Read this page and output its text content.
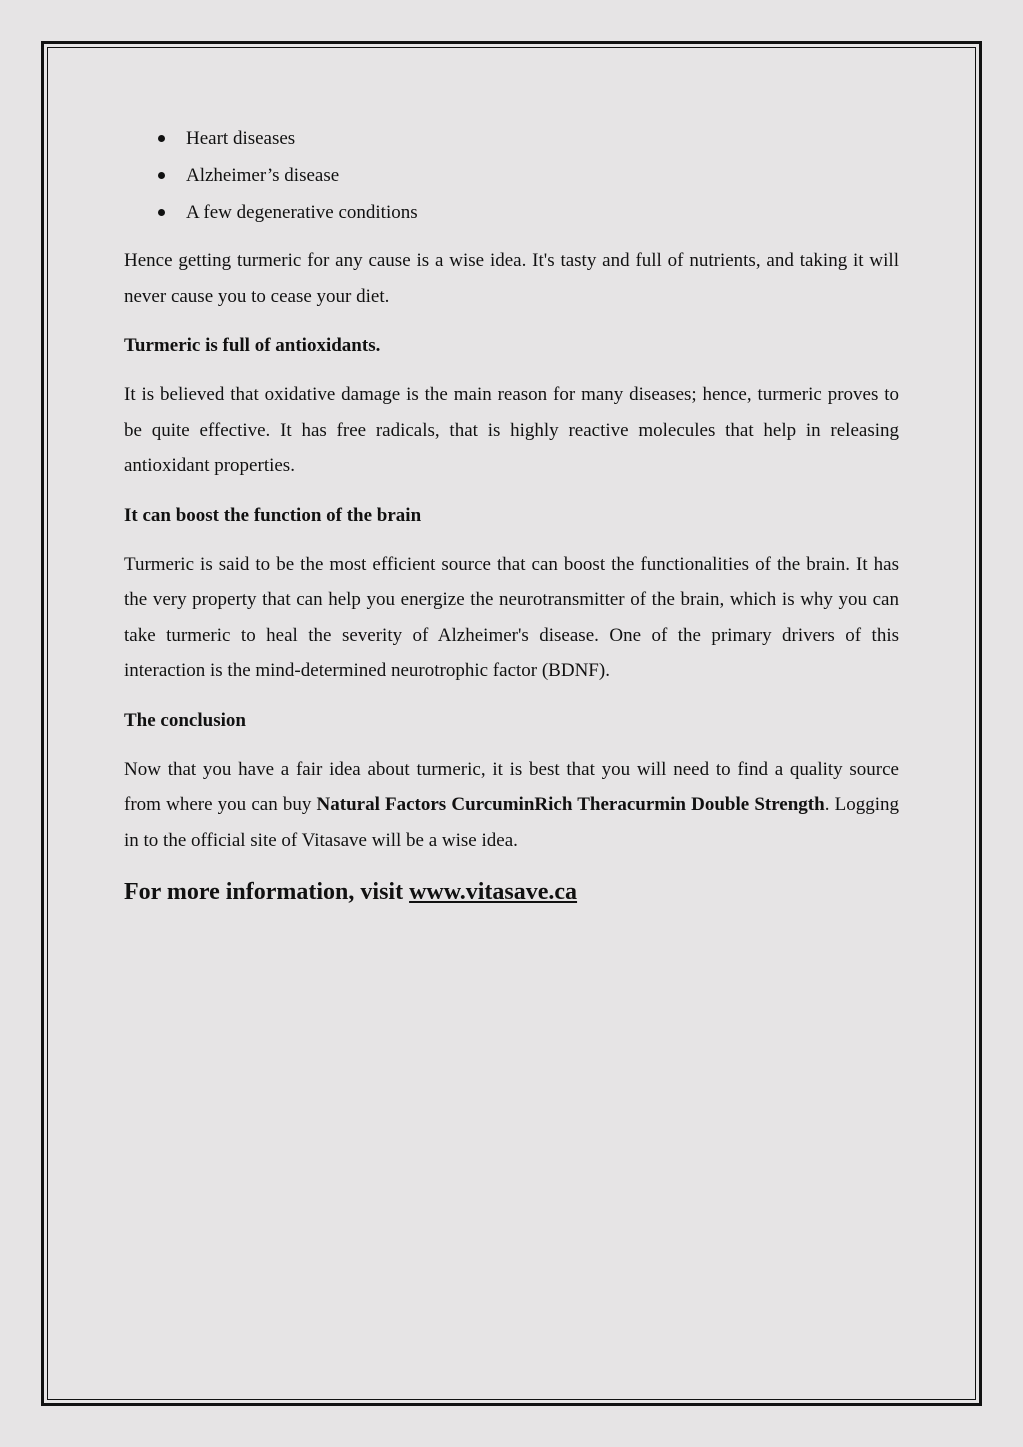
Heart diseases
Alzheimer’s disease
A few degenerative conditions

Hence getting turmeric for any cause is a wise idea. It's tasty and full of nutrients, and taking it will never cause you to cease your diet.

Turmeric is full of antioxidants.

It is believed that oxidative damage is the main reason for many diseases; hence, turmeric proves to be quite effective. It has free radicals, that is highly reactive molecules that help in releasing antioxidant properties.

It can boost the function of the brain

Turmeric is said to be the most efficient source that can boost the functionalities of the brain. It has the very property that can help you energize the neurotransmitter of the brain, which is why you can take turmeric to heal the severity of Alzheimer's disease. One of the primary drivers of this interaction is the mind-determined neurotrophic factor (BDNF).

The conclusion

Now that you have a fair idea about turmeric, it is best that you will need to find a quality source from where you can buy Natural Factors CurcuminRich Theracurmin Double Strength. Logging in to the official site of Vitasave will be a wise idea.

For more information, visit www.vitasave.ca
